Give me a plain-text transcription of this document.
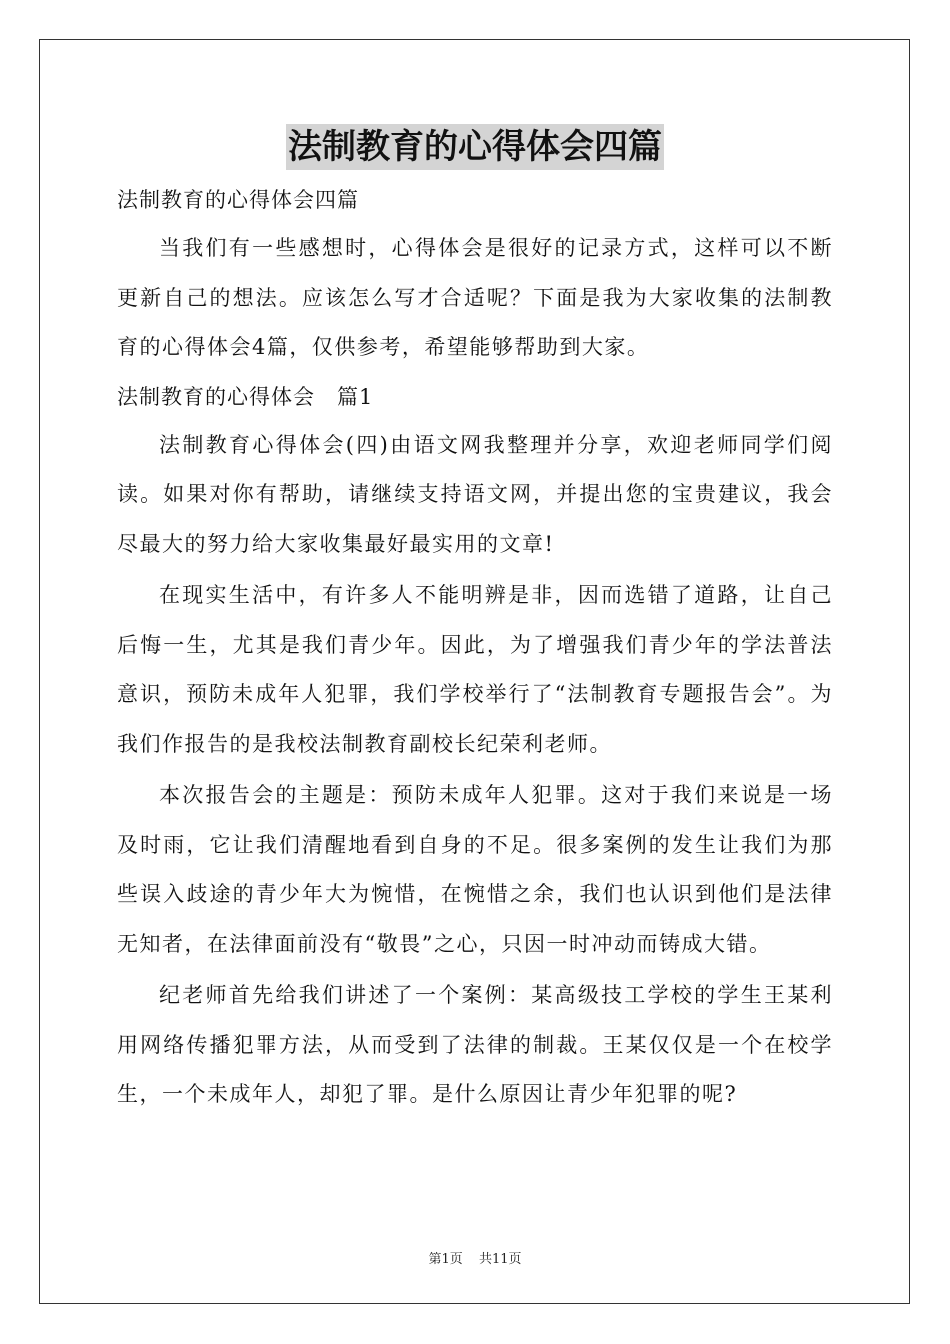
法制教育的心得体会四篇

法制教育的心得体会四篇

当我们有一些感想时，心得体会是很好的记录方式，这样可以不断更新自己的想法。应该怎么写才合适呢？下面是我为大家收集的法制教育的心得体会4篇，仅供参考，希望能够帮助到大家。

法制教育的心得体会　篇1

法制教育心得体会(四)由语文网我整理并分享，欢迎老师同学们阅读。如果对你有帮助，请继续支持语文网，并提出您的宝贵建议，我会尽最大的努力给大家收集最好最实用的文章!

在现实生活中，有许多人不能明辨是非，因而选错了道路，让自己后悔一生，尤其是我们青少年。因此，为了增强我们青少年的学法普法意识，预防未成年人犯罪，我们学校举行了“法制教育专题报告会”。为我们作报告的是我校法制教育副校长纪荣利老师。

本次报告会的主题是：预防未成年人犯罪。这对于我们来说是一场及时雨，它让我们清醒地看到自身的不足。很多案例的发生让我们为那些误入歧途的青少年大为惋惜，在惋惜之余，我们也认识到他们是法律无知者，在法律面前没有“敬畏”之心，只因一时冲动而铸成大错。

纪老师首先给我们讲述了一个案例：某高级技工学校的学生王某利用网络传播犯罪方法，从而受到了法律的制裁。王某仅仅是一个在校学生，一个未成年人，却犯了罪。是什么原因让青少年犯罪的呢?

第1页 共11页
